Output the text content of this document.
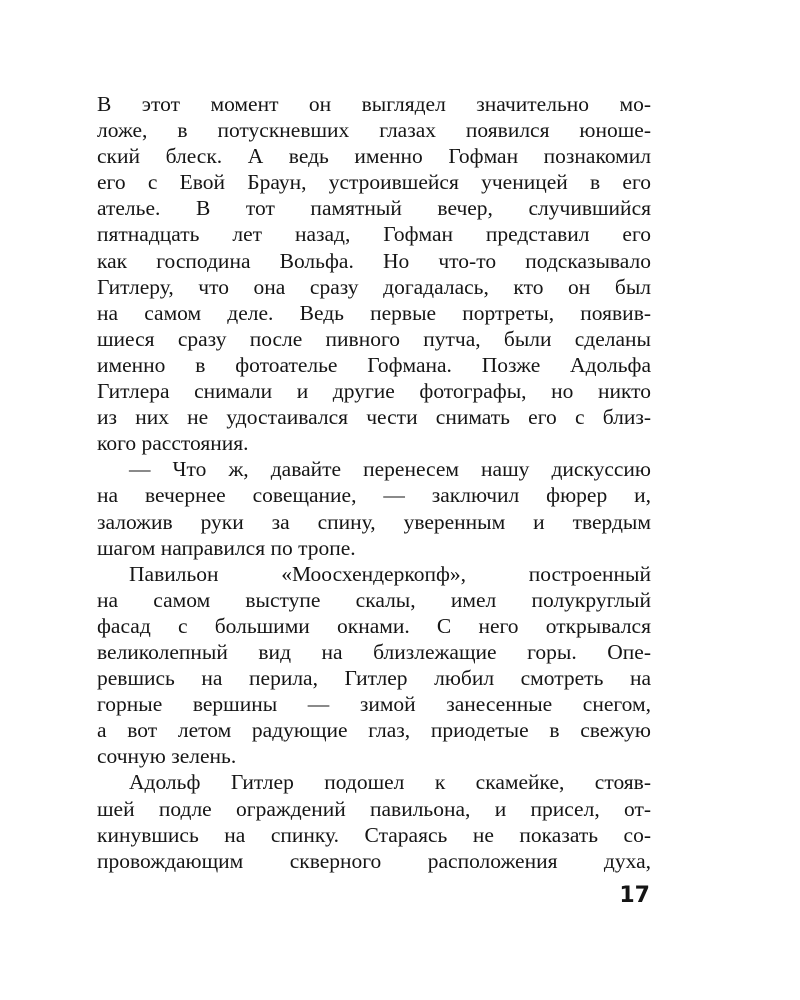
В этот момент он выглядел значительно мо-
ложе, в потускневших глазах появился юноше-
ский блеск. А ведь именно Гофман познакомил
его с Евой Браун, устроившейся ученицей в его
ателье. В тот памятный вечер, случившийся
пятнадцать лет назад, Гофман представил его
как господина Вольфа. Но что-то подсказывало
Гитлеру, что она сразу догадалась, кто он был
на самом деле. Ведь первые портреты, появив-
шиеся сразу после пивного путча, были сделаны
именно в фотоателье Гофмана. Позже Адольфа
Гитлера снимали и другие фотографы, но никто
из них не удостаивался чести снимать его с близ-
кого расстояния.
— Что ж, давайте перенесем нашу дискуссию
на вечернее совещание, — заключил фюрер и,
заложив руки за спину, уверенным и твердым
шагом направился по тропе.
Павильон «Моосхендеркопф», построенный
на самом выступе скалы, имел полукруглый
фасад с большими окнами. С него открывался
великолепный вид на близлежащие горы. Опе-
ревшись на перила, Гитлер любил смотреть на
горные вершины — зимой занесенные снегом,
а вот летом радующие глаз, приодетые в свежую
сочную зелень.
Адольф Гитлер подошел к скамейке, стояв-
шей подле ограждений павильона, и присел, от-
кинувшись на спинку. Стараясь не показать со-
провождающим скверного расположения духа,
17
